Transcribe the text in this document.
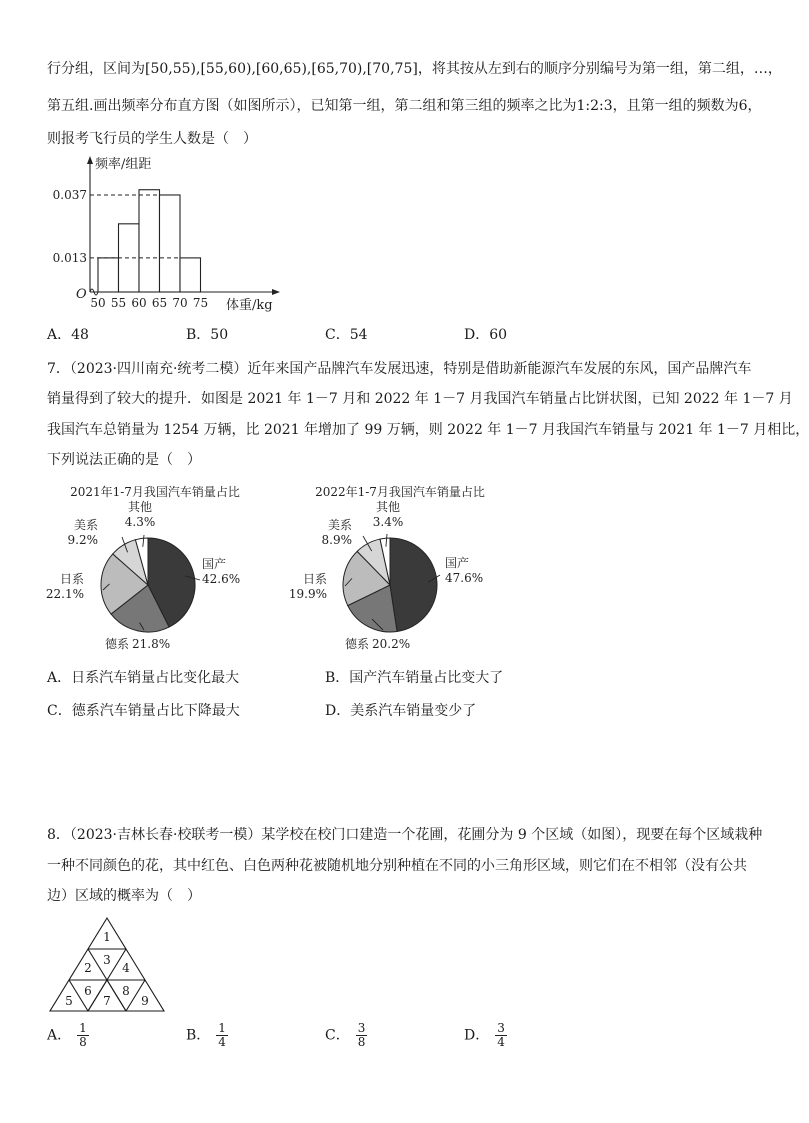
行分组，区间为[50,55),[55,60),[60,65),[65,70),[70,75]，将其按从左到右的顺序分别编号为第一组，第二组，…，
第五组.画出频率分布直方图（如图所示），已知第一组，第二组和第三组的频率之比为1:2:3，且第一组的频数为6，
则报考飞行员的学生人数是（　）
0.037
0.013
50 55 60 65 70 75
频率/组距
体重/kg
O
A．48	B．50	C．54	D．60
7．（2023·四川南充·统考二模）近年来国产品牌汽车发展迅速，特别是借助新能源汽车发展的东风，国产品牌汽车
销量得到了较大的提升．如图是 2021 年 1－7 月和 2022 年 1－7 月我国汽车销量占比饼状图，已知 2022 年 1－7 月
我国汽车总销量为 1254 万辆，比 2021 年增加了 99 万辆，则 2022 年 1－7 月我国汽车销量与 2021 年 1－7 月相比，
下列说法正确的是（　）
2021年1-7月我国汽车销量占比
国产
42.6%
德系 21.8%
日系
22.1%
美系
9.2%
其他
4.3%
2022年1-7月我国汽车销量占比
国产
47.6%
德系 20.2%
日系
19.9%
美系
8.9%
其他
3.4%
A．日系汽车销量占比变化最大	B．国产汽车销量占比变大了
C．德系汽车销量占比下降最大	D．美系汽车销量变少了
8．（2023·吉林长春·校联考一模）某学校在校门口建造一个花圃，花圃分为 9 个区域（如图），现要在每个区域栽种
一种不同颜色的花，其中红色、白色两种花被随机地分别种植在不同的小三角形区域，则它们在不相邻（没有公共
边）区域的概率为（　）
1
2
3
4
5
6
7
8
9
A． $\frac{1}{8}$	B． $\frac{1}{4}$	C． $\frac{3}{8}$	D． $\frac{3}{4}$
